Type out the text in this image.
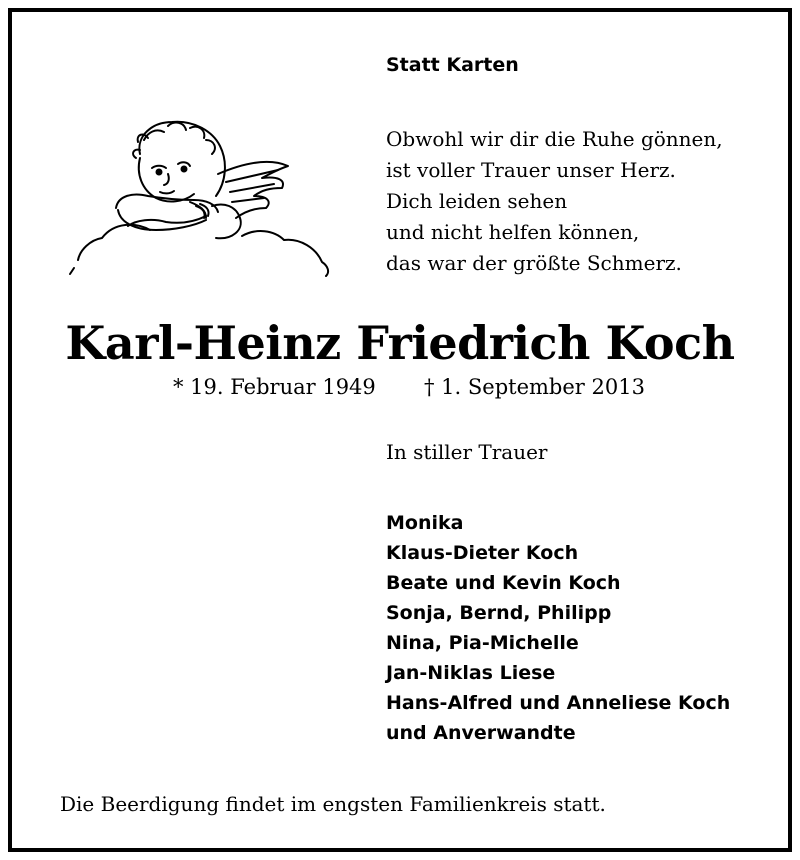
Statt Karten
Obwohl wir dir die Ruhe gönnen,
ist voller Trauer unser Herz.
Dich leiden sehen
und nicht helfen können,
das war der größte Schmerz.
Karl-Heinz Friedrich Koch
* 19. Februar 1949 † 1. September 2013
In stiller Trauer
Monika
Klaus-Dieter Koch
Beate und Kevin Koch
Sonja, Bernd, Philipp
Nina, Pia-Michelle
Jan-Niklas Liese
Hans-Alfred und Anneliese Koch
und Anverwandte
Die Beerdigung findet im engsten Familienkreis statt.
